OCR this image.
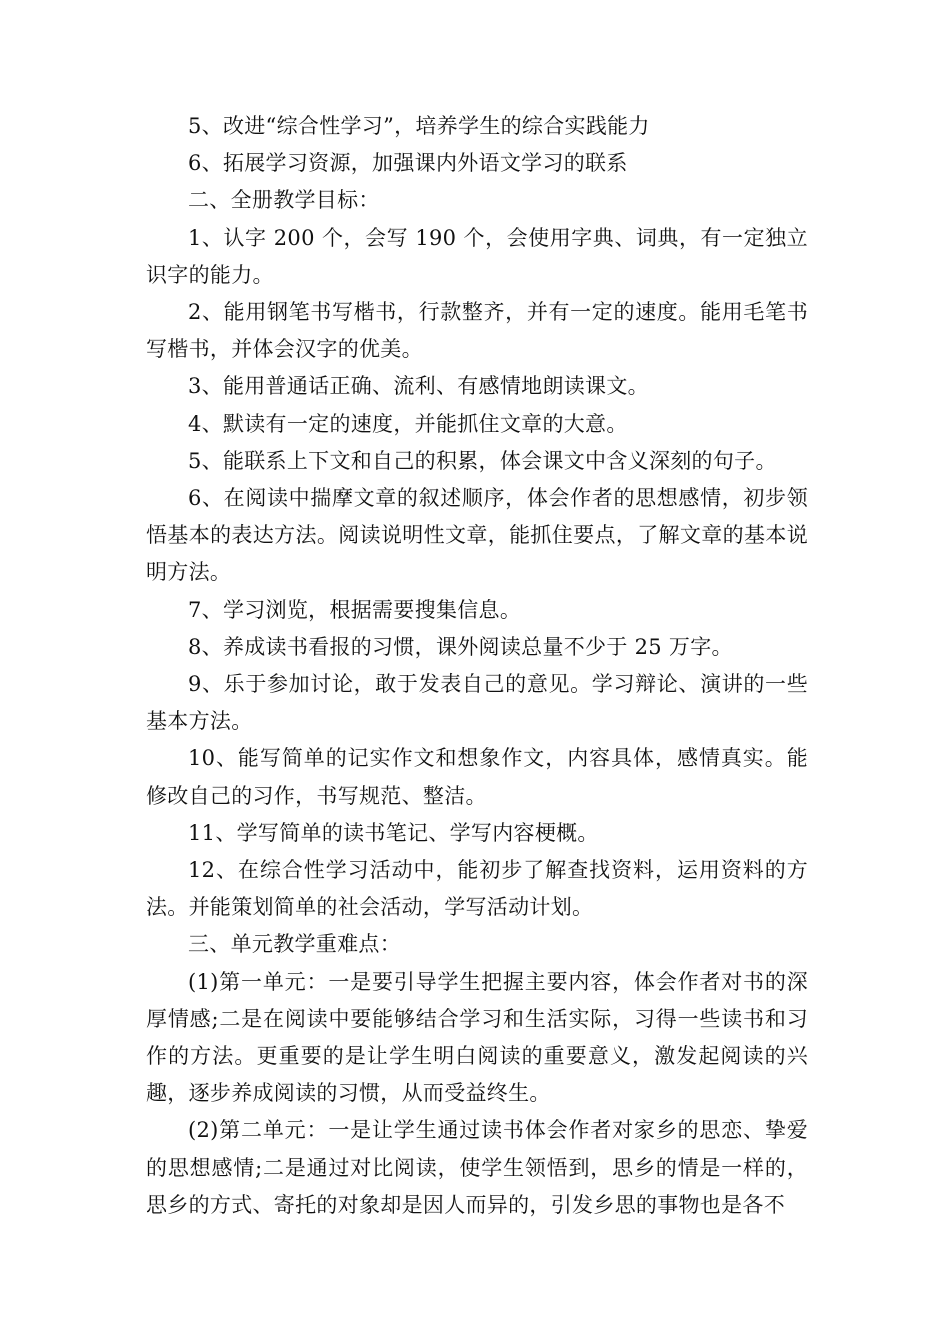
5、改进“综合性学习”，培养学生的综合实践能力

6、拓展学习资源，加强课内外语文学习的联系

二、全册教学目标：

1、认字 200 个，会写 190 个，会使用字典、词典，有一定独立识字的能力。

2、能用钢笔书写楷书，行款整齐，并有一定的速度。能用毛笔书写楷书，并体会汉字的优美。

3、能用普通话正确、流利、有感情地朗读课文。

4、默读有一定的速度，并能抓住文章的大意。

5、能联系上下文和自己的积累，体会课文中含义深刻的句子。

6、在阅读中揣摩文章的叙述顺序，体会作者的思想感情，初步领悟基本的表达方法。阅读说明性文章，能抓住要点，了解文章的基本说明方法。

7、学习浏览，根据需要搜集信息。

8、养成读书看报的习惯，课外阅读总量不少于 25 万字。

9、乐于参加讨论，敢于发表自己的意见。学习辩论、演讲的一些基本方法。

10、能写简单的记实作文和想象作文，内容具体，感情真实。能修改自己的习作，书写规范、整洁。

11、学写简单的读书笔记、学写内容梗概。

12、在综合性学习活动中，能初步了解查找资料，运用资料的方法。并能策划简单的社会活动，学写活动计划。

三、单元教学重难点：

(1)第一单元：一是要引导学生把握主要内容，体会作者对书的深厚情感;二是在阅读中要能够结合学习和生活实际，习得一些读书和习作的方法。更重要的是让学生明白阅读的重要意义，激发起阅读的兴趣，逐步养成阅读的习惯，从而受益终生。

(2)第二单元：一是让学生通过读书体会作者对家乡的思恋、挚爱的思想感情;二是通过对比阅读，使学生领悟到，思乡的情是一样的，思乡的方式、寄托的对象却是因人而异的，引发乡思的事物也是各不
